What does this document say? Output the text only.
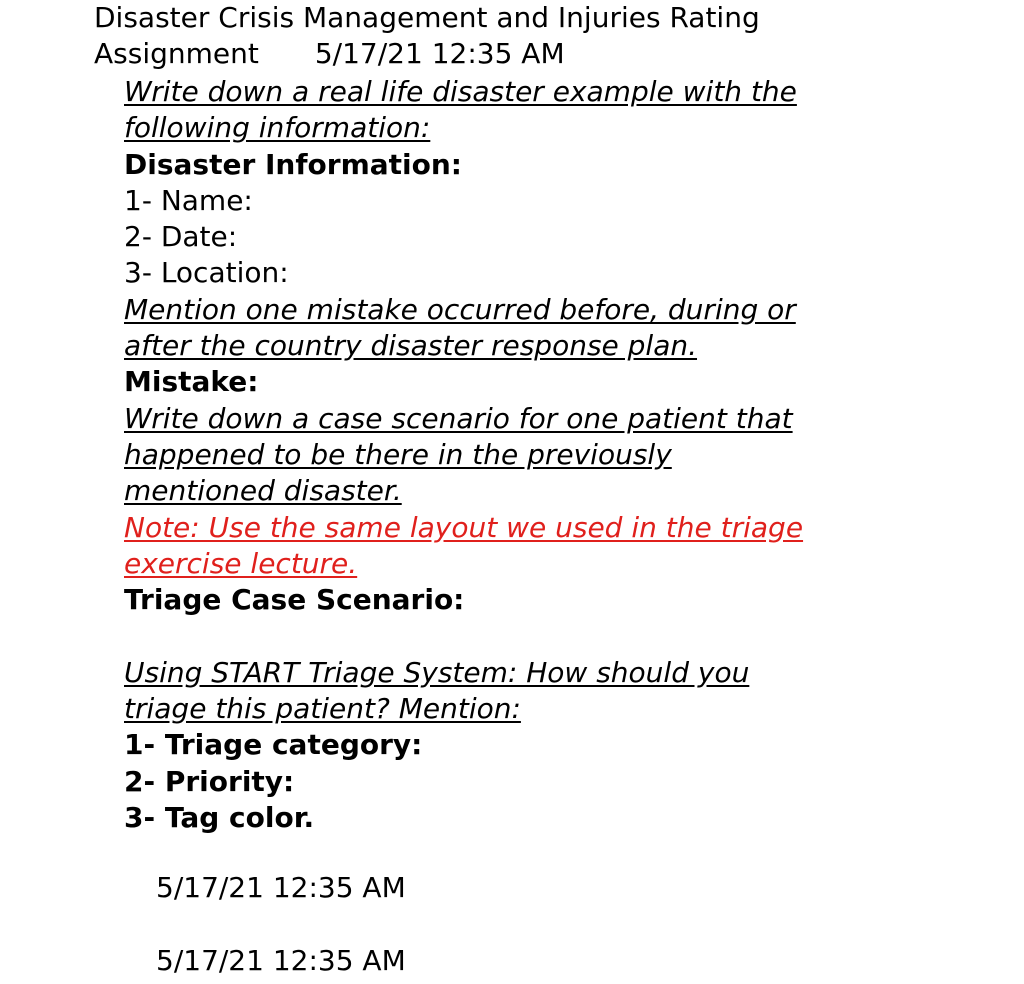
Disaster Crisis Management and Injuries Rating
Assignment 5/17/21 12:35 AM
Write down a real life disaster example with the
following information:
Disaster Information:
1- Name:
2- Date:
3- Location:
Mention one mistake occurred before, during or
after the country disaster response plan.
Mistake:
Write down a case scenario for one patient that
happened to be there in the previously
mentioned disaster.
Note: Use the same layout we used in the triage
exercise lecture.
Triage Case Scenario:
Using START Triage System: How should you
triage this patient? Mention:
1- Triage category:
2- Priority:
3- Tag color.
5/17/21 12:35 AM
5/17/21 12:35 AM
